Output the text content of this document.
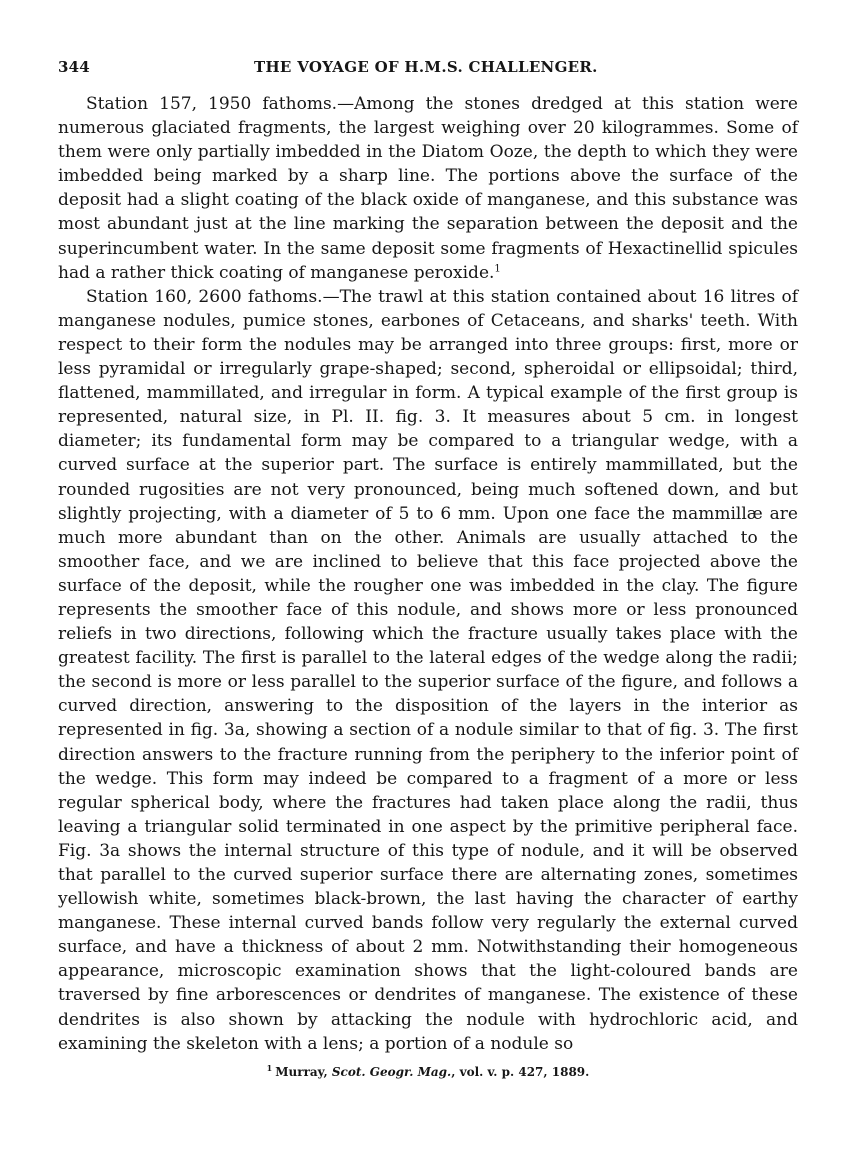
344	THE VOYAGE OF H.M.S. CHALLENGER.

Station 157, 1950 fathoms.—Among the stones dredged at this station were numerous glaciated fragments, the largest weighing over 20 kilogrammes. Some of them were only partially imbedded in the Diatom Ooze, the depth to which they were imbedded being marked by a sharp line. The portions above the surface of the deposit had a slight coating of the black oxide of manganese, and this substance was most abundant just at the line marking the separation between the deposit and the superincumbent water. In the same deposit some fragments of Hexactinellid spicules had a rather thick coating of manganese peroxide.$^1$

Station 160, 2600 fathoms.—The trawl at this station contained about 16 litres of manganese nodules, pumice stones, earbones of Cetaceans, and sharks' teeth. With respect to their form the nodules may be arranged into three groups: first, more or less pyramidal or irregularly grape-shaped; second, spheroidal or ellipsoidal; third, flattened, mammillated, and irregular in form. A typical example of the first group is represented, natural size, in Pl. II. fig. 3. It measures about 5 cm. in longest diameter; its fundamental form may be compared to a triangular wedge, with a curved surface at the superior part. The surface is entirely mammillated, but the rounded rugosities are not very pronounced, being much softened down, and but slightly projecting, with a diameter of 5 to 6 mm. Upon one face the mammillæ are much more abundant than on the other. Animals are usually attached to the smoother face, and we are inclined to believe that this face projected above the surface of the deposit, while the rougher one was imbedded in the clay. The figure represents the smoother face of this nodule, and shows more or less pronounced reliefs in two directions, following which the fracture usually takes place with the greatest facility. The first is parallel to the lateral edges of the wedge along the radii; the second is more or less parallel to the superior surface of the figure, and follows a curved direction, answering to the disposition of the layers in the interior as represented in fig. 3a, showing a section of a nodule similar to that of fig. 3. The first direction answers to the fracture running from the periphery to the inferior point of the wedge. This form may indeed be compared to a fragment of a more or less regular spherical body, where the fractures had taken place along the radii, thus leaving a triangular solid terminated in one aspect by the primitive peripheral face. Fig. 3a shows the internal structure of this type of nodule, and it will be observed that parallel to the curved superior surface there are alternating zones, sometimes yellowish white, sometimes black-brown, the last having the character of earthy manganese. These internal curved bands follow very regularly the external curved surface, and have a thickness of about 2 mm. Notwithstanding their homogeneous appearance, microscopic examination shows that the light-coloured bands are traversed by fine arborescences or dendrites of manganese. The existence of these dendrites is also shown by attacking the nodule with hydrochloric acid, and examining the skeleton with a lens; a portion of a nodule so

$^1$ Murray, Scot. Geogr. Mag., vol. v. p. 427, 1889.
